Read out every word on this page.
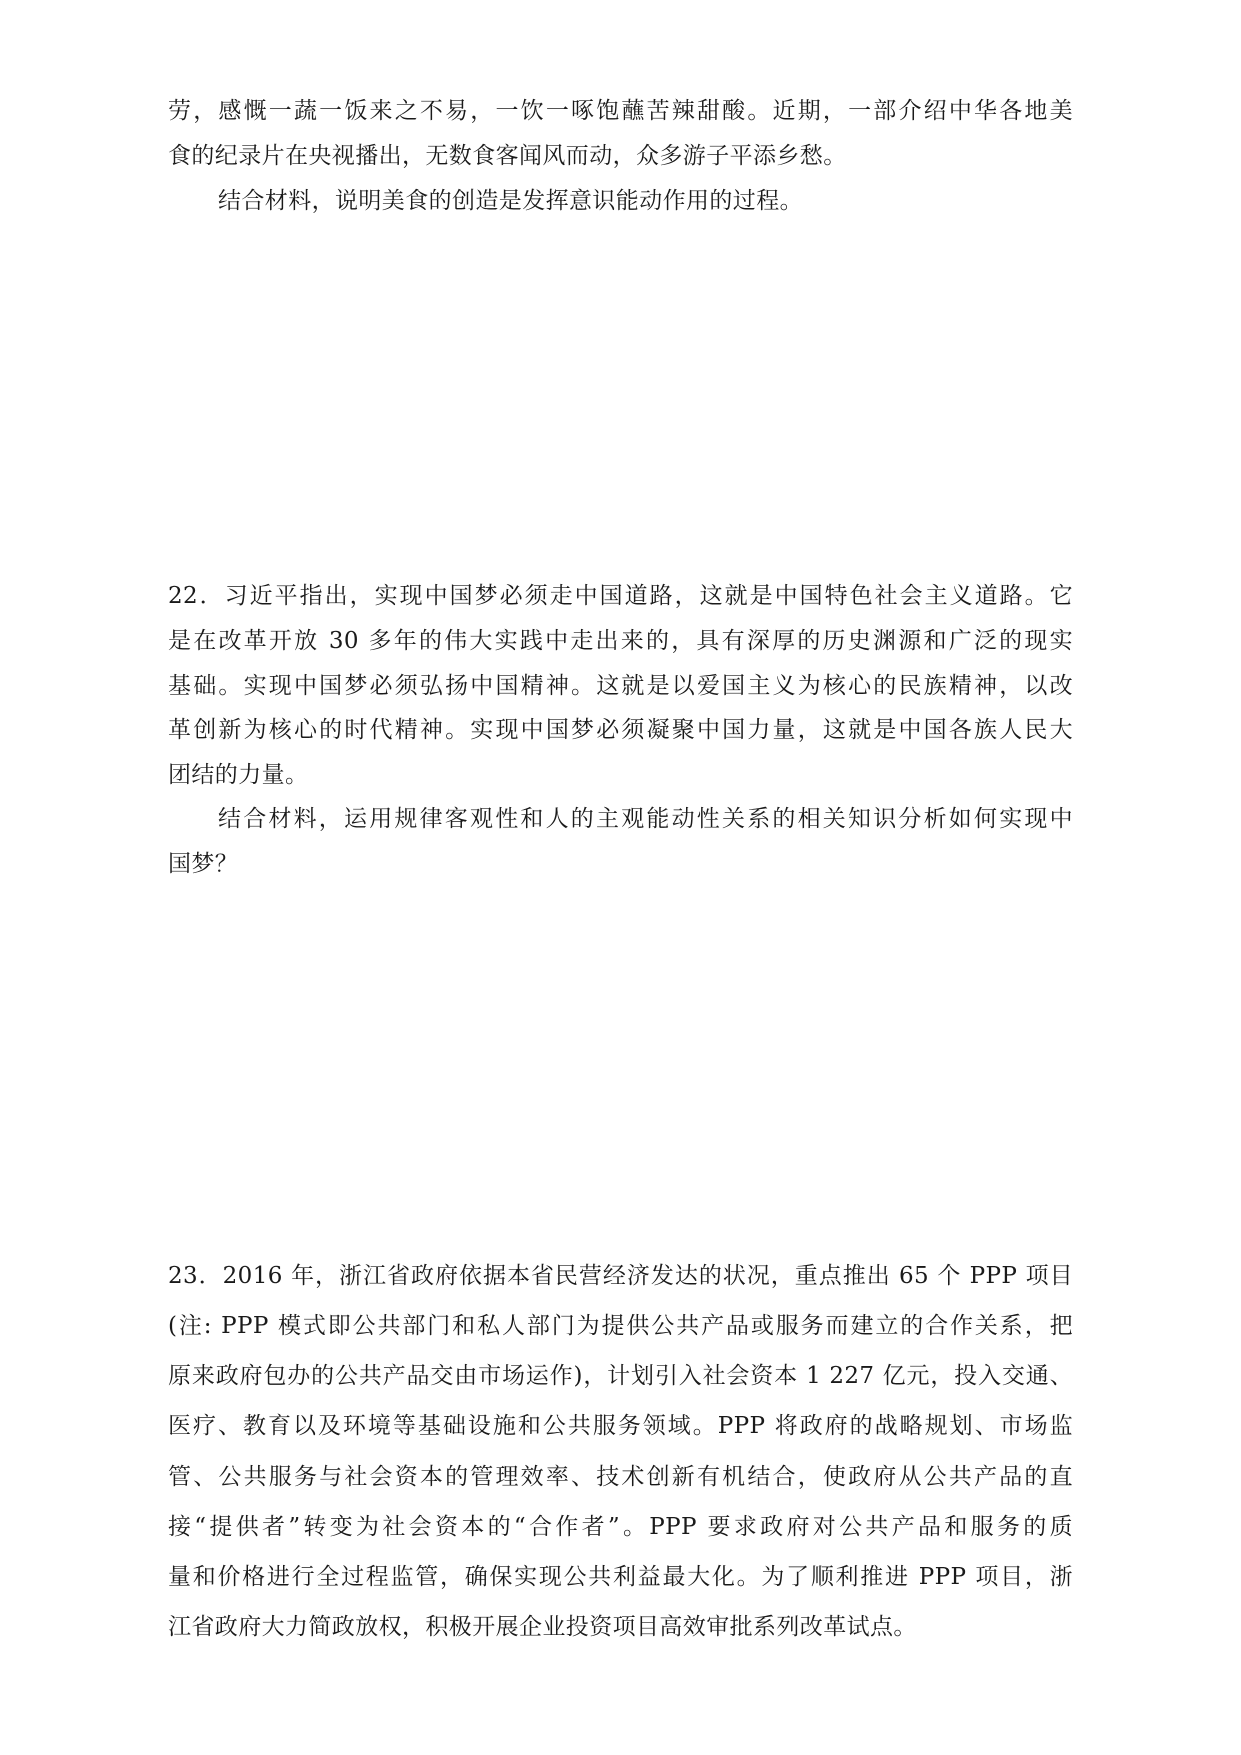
劳，感慨一蔬一饭来之不易，一饮一啄饱蘸苦辣甜酸。近期，一部介绍中华各地美
食的纪录片在央视播出，无数食客闻风而动，众多游子平添乡愁。
结合材料，说明美食的创造是发挥意识能动作用的过程。
22．习近平指出，实现中国梦必须走中国道路，这就是中国特色社会主义道路。它
是在改革开放 30 多年的伟大实践中走出来的，具有深厚的历史渊源和广泛的现实
基础。实现中国梦必须弘扬中国精神。这就是以爱国主义为核心的民族精神，以改
革创新为核心的时代精神。实现中国梦必须凝聚中国力量，这就是中国各族人民大
团结的力量。
结合材料，运用规律客观性和人的主观能动性关系的相关知识分析如何实现中
国梦？
23．2016 年，浙江省政府依据本省民营经济发达的状况，重点推出 65 个 PPP 项目
(注: PPP 模式即公共部门和私人部门为提供公共产品或服务而建立的合作关系，把
原来政府包办的公共产品交由市场运作)，计划引入社会资本 1 227 亿元，投入交通、
医疗、教育以及环境等基础设施和公共服务领域。PPP 将政府的战略规划、市场监
管、公共服务与社会资本的管理效率、技术创新有机结合，使政府从公共产品的直
接“提供者”转变为社会资本的“合作者”。PPP 要求政府对公共产品和服务的质
量和价格进行全过程监管，确保实现公共利益最大化。为了顺利推进 PPP 项目，浙
江省政府大力简政放权，积极开展企业投资项目高效审批系列改革试点。
